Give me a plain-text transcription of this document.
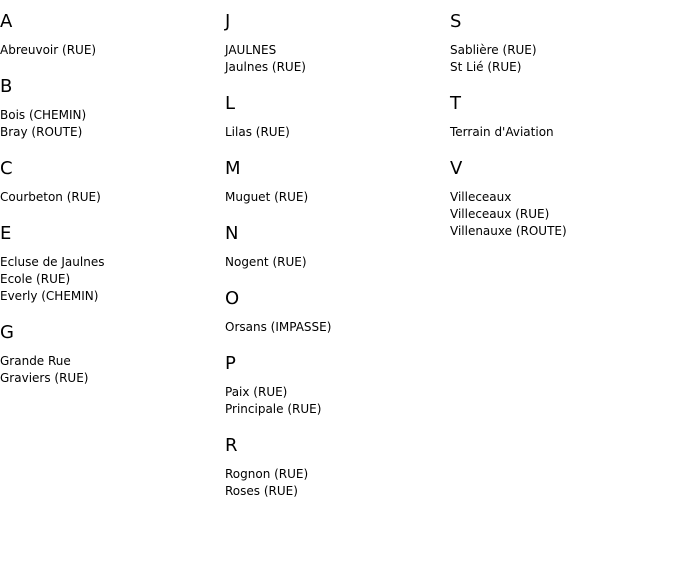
A
Abreuvoir (RUE)
B
Bois (CHEMIN)
Bray (ROUTE)
C
Courbeton (RUE)
E
Ecluse de Jaulnes
Ecole (RUE)
Everly (CHEMIN)
G
Grande Rue
Graviers (RUE)
J
JAULNES
Jaulnes (RUE)
L
Lilas (RUE)
M
Muguet (RUE)
N
Nogent (RUE)
O
Orsans (IMPASSE)
P
Paix (RUE)
Principale (RUE)
R
Rognon (RUE)
Roses (RUE)
S
Sablière (RUE)
St Lié (RUE)
T
Terrain d'Aviation
V
Villeceaux
Villeceaux (RUE)
Villenauxe (ROUTE)
